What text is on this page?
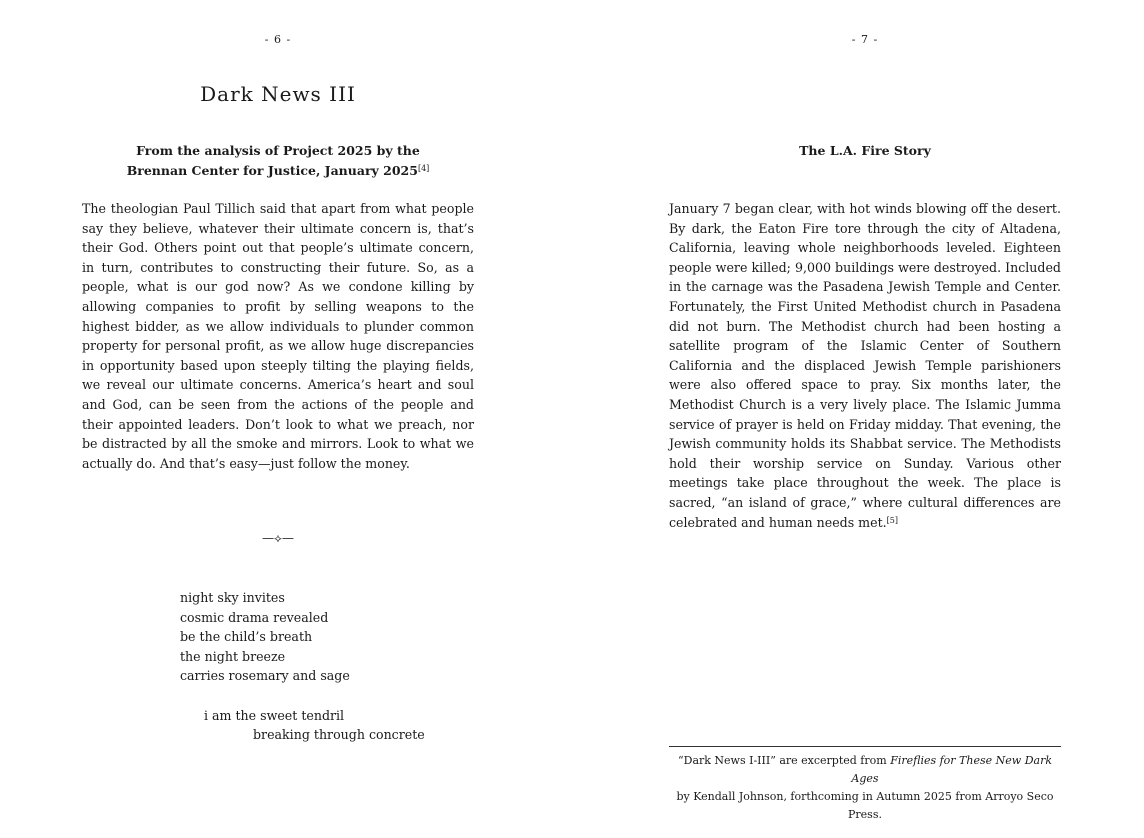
- 6 -
Dark News III
From the analysis of Project 2025 by the
Brennan Center for Justice, January 2025[4]
The theologian Paul Tillich said that apart from what people say they believe, whatever their ultimate concern is, that’s their God. Others point out that people’s ultimate concern, in turn, contributes to constructing their future. So, as a people, what is our god now? As we condone killing by allowing companies to profit by selling weapons to the highest bidder, as we allow individuals to plunder common property for personal profit, as we allow huge discrepancies in opportunity based upon steeply tilting the playing fields, we reveal our ultimate concerns. America’s heart and soul and God, can be seen from the actions of the people and their appointed leaders. Don’t look to what we preach, nor be distracted by all the smoke and mirrors. Look to what we actually do. And that’s easy—just follow the money.
—⟡—
night sky invites
cosmic drama revealed
be the child’s breath
the night breeze
carries rosemary and sage
i am the sweet tendril
breaking through concrete
- 7 -
The L.A. Fire Story
January 7 began clear, with hot winds blowing off the desert. By dark, the Eaton Fire tore through the city of Altadena, California, leaving whole neighborhoods leveled. Eighteen people were killed; 9,000 buildings were destroyed. Included in the carnage was the Pasadena Jewish Temple and Center. Fortunately, the First United Methodist church in Pasadena did not burn. The Methodist church had been hosting a satellite program of the Islamic Center of Southern California and the displaced Jewish Temple parishioners were also offered space to pray. Six months later, the Methodist Church is a very lively place. The Islamic Jumma service of prayer is held on Friday midday. That evening, the Jewish community holds its Shabbat service. The Methodists hold their worship service on Sunday. Various other meetings take place throughout the week. The place is sacred, “an island of grace,” where cultural differences are celebrated and human needs met.[5]
“Dark News I-III” are excerpted from Fireflies for These New Dark Ages
by Kendall Johnson, forthcoming in Autumn 2025 from Arroyo Seco Press.
